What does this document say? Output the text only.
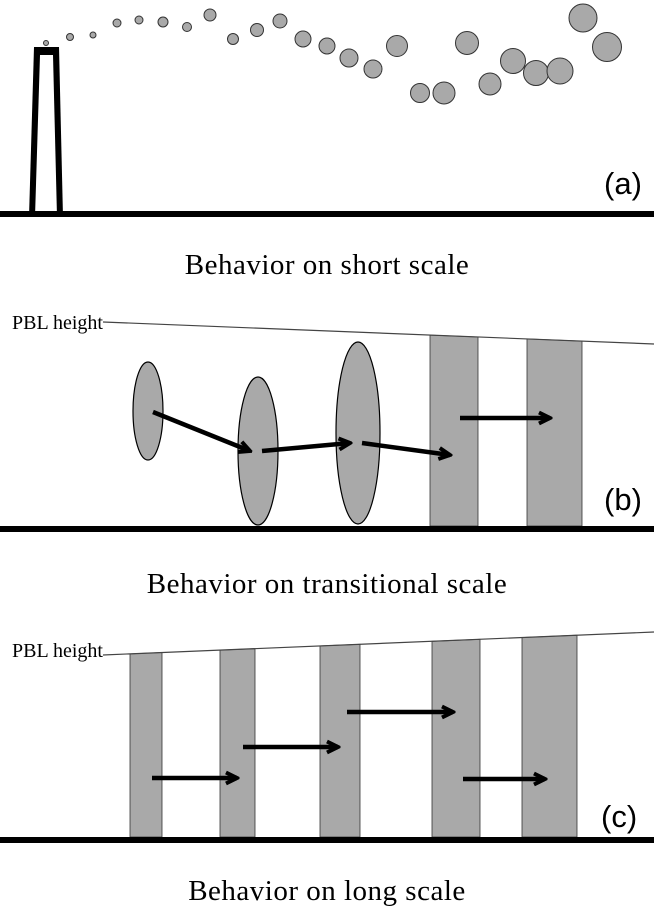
(a)
(b)
(c)
Behavior on short scale
Behavior on transitional scale
Behavior on long scale
PBL height
PBL height
